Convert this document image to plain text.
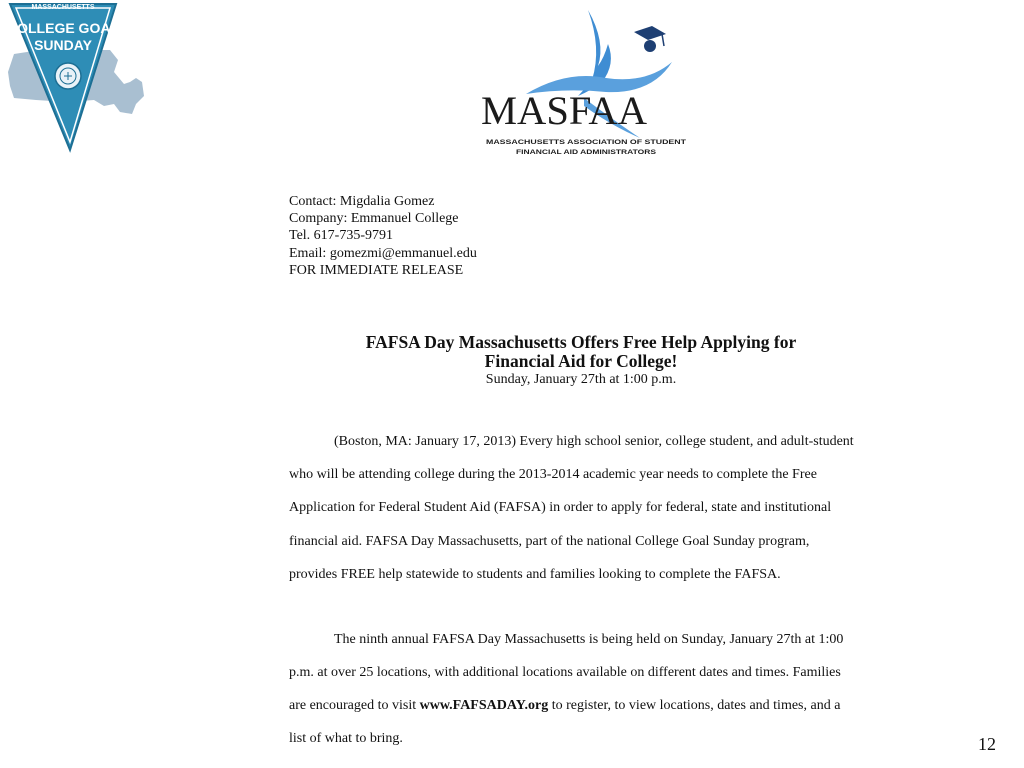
MASSACHUSETTS
COLLEGE GOAL
SUNDAY
MASFAA
MASSACHUSETTS ASSOCIATION OF STUDENT
FINANCIAL AID ADMINISTRATORS
Contact: Migdalia Gomez
Company: Emmanuel College
Tel. 617-735-9791
Email: gomezmi@emmanuel.edu
FOR IMMEDIATE RELEASE
FAFSA Day Massachusetts Offers Free Help Applying for
Financial Aid for College!
Sunday, January 27th at 1:00 p.m.
(Boston, MA: January 17, 2013) Every high school senior, college student, and adult-student
who will be attending college during the 2013-2014 academic year needs to complete the Free
Application for Federal Student Aid (FAFSA) in order to apply for federal, state and institutional
financial aid. FAFSA Day Massachusetts, part of the national College Goal Sunday program,
provides FREE help statewide to students and families looking to complete the FAFSA.
The ninth annual FAFSA Day Massachusetts is being held on Sunday, January 27th at 1:00
p.m. at over 25 locations, with additional locations available on different dates and times. Families
are encouraged to visit www.FAFSADAY.org to register, to view locations, dates and times, and a
list of what to bring.	12
